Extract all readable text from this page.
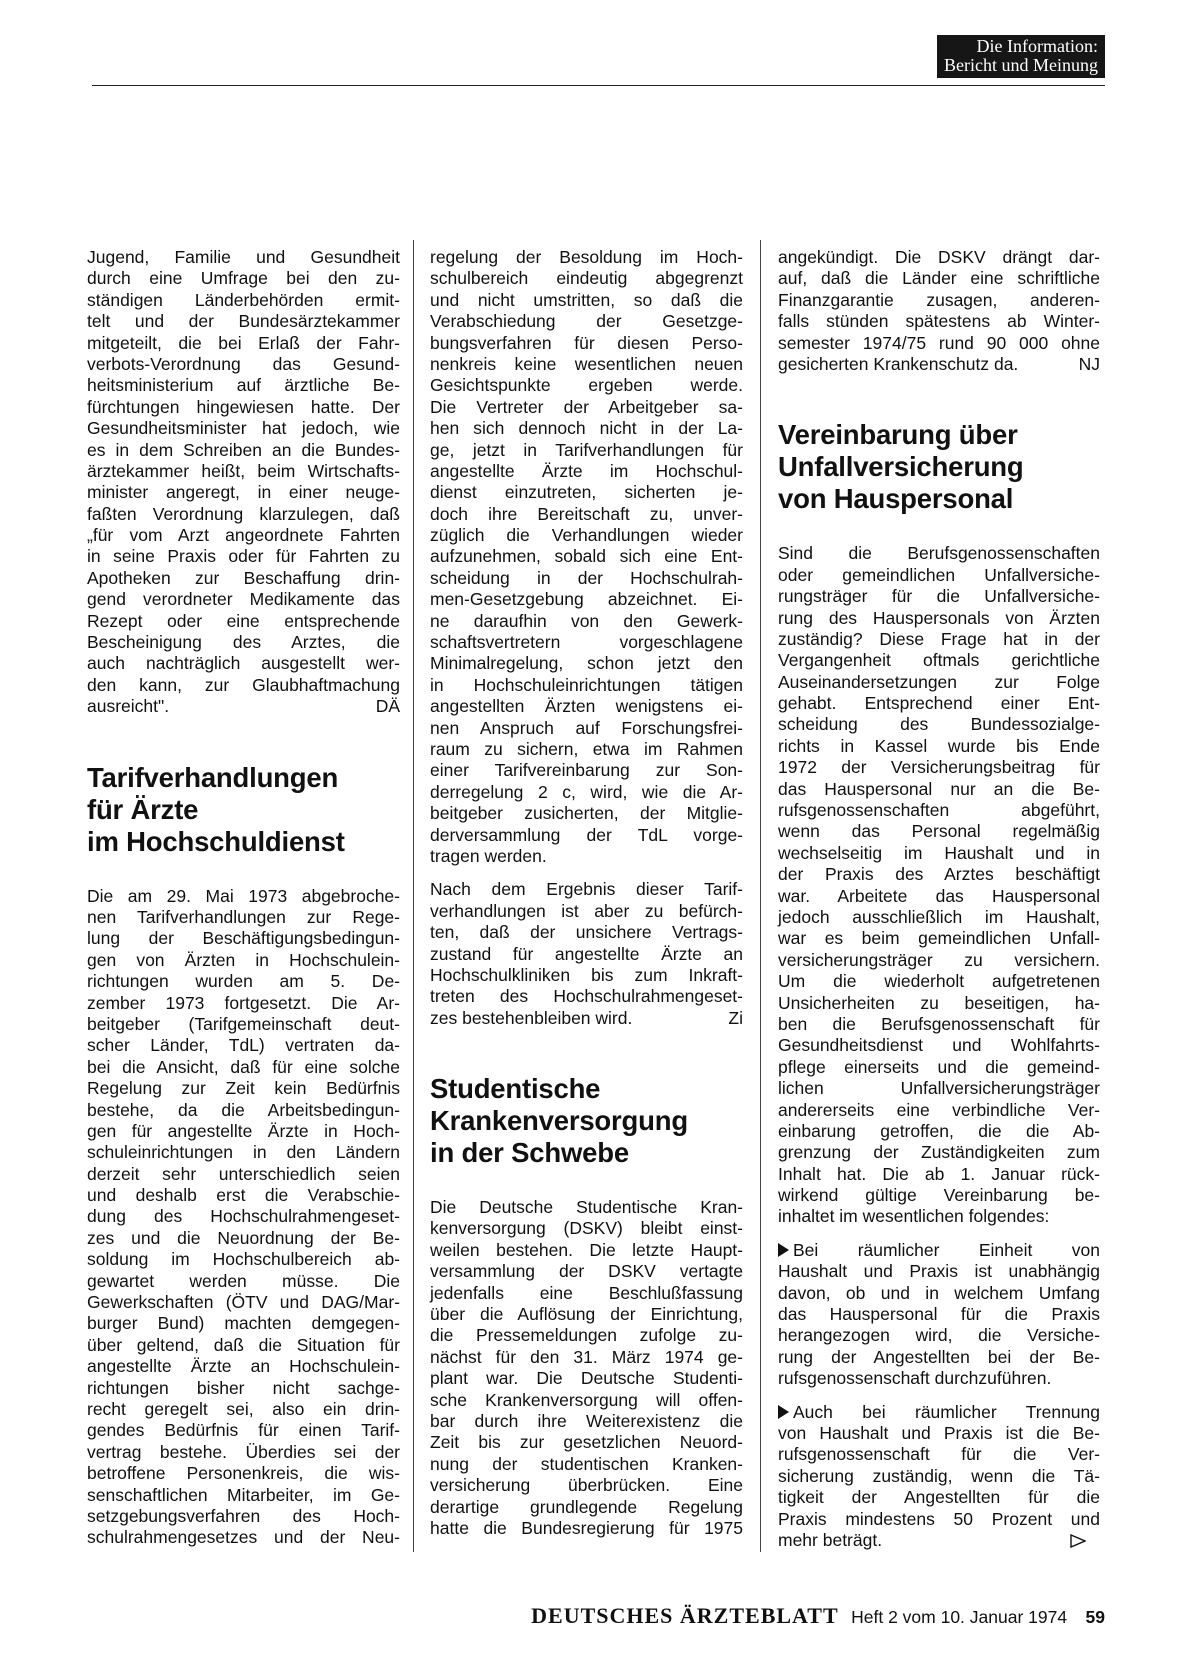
Die Information:
Bericht und Meinung

Jugend, Familie und Gesundheit
durch eine Umfrage bei den zu-
ständigen Länderbehörden ermit-
telt und der Bundesärztekammer
mitgeteilt, die bei Erlaß der Fahr-
verbots-Verordnung das Gesund-
heitsministerium auf ärztliche Be-
fürchtungen hingewiesen hatte. Der
Gesundheitsminister hat jedoch, wie
es in dem Schreiben an die Bundes-
ärztekammer heißt, beim Wirtschafts-
minister angeregt, in einer neuge-
faßten Verordnung klarzulegen, daß
„für vom Arzt angeordnete Fahrten
in seine Praxis oder für Fahrten zu
Apotheken zur Beschaffung drin-
gend verordneter Medikamente das
Rezept oder eine entsprechende
Bescheinigung des Arztes, die
auch nachträglich ausgestellt wer-
den kann, zur Glaubhaftmachung
ausreicht".	DÄ

Tarifverhandlungen
für Ärzte
im Hochschuldienst

Die am 29. Mai 1973 abgebroche-
nen Tarifverhandlungen zur Rege-
lung der Beschäftigungsbedingun-
gen von Ärzten in Hochschulein-
richtungen wurden am 5. De-
zember 1973 fortgesetzt. Die Ar-
beitgeber (Tarifgemeinschaft deut-
scher Länder, TdL) vertraten da-
bei die Ansicht, daß für eine solche
Regelung zur Zeit kein Bedürfnis
bestehe, da die Arbeitsbedingun-
gen für angestellte Ärzte in Hoch-
schuleinrichtungen in den Ländern
derzeit sehr unterschiedlich seien
und deshalb erst die Verabschie-
dung des Hochschulrahmengeset-
zes und die Neuordnung der Be-
soldung im Hochschulbereich ab-
gewartet werden müsse. Die
Gewerkschaften (ÖTV und DAG/Mar-
burger Bund) machten demgegen-
über geltend, daß die Situation für
angestellte Ärzte an Hochschulein-
richtungen bisher nicht sachge-
recht geregelt sei, also ein drin-
gendes Bedürfnis für einen Tarif-
vertrag bestehe. Überdies sei der
betroffene Personenkreis, die wis-
senschaftlichen Mitarbeiter, im Ge-
setzgebungsverfahren des Hoch-
schulrahmengesetzes und der Neu-

regelung der Besoldung im Hoch-
schulbereich eindeutig abgegrenzt
und nicht umstritten, so daß die
Verabschiedung der Gesetzge-
bungsverfahren für diesen Perso-
nenkreis keine wesentlichen neuen
Gesichtspunkte ergeben werde.
Die Vertreter der Arbeitgeber sa-
hen sich dennoch nicht in der La-
ge, jetzt in Tarifverhandlungen für
angestellte Ärzte im Hochschul-
dienst einzutreten, sicherten je-
doch ihre Bereitschaft zu, unver-
züglich die Verhandlungen wieder
aufzunehmen, sobald sich eine Ent-
scheidung in der Hochschulrah-
men-Gesetzgebung abzeichnet. Ei-
ne daraufhin von den Gewerk-
schaftsvertretern vorgeschlagene
Minimalregelung, schon jetzt den
in Hochschuleinrichtungen tätigen
angestellten Ärzten wenigstens ei-
nen Anspruch auf Forschungsfrei-
raum zu sichern, etwa im Rahmen
einer Tarifvereinbarung zur Son-
derregelung 2 c, wird, wie die Ar-
beitgeber zusicherten, der Mitglie-
derversammlung der TdL vorge-
tragen werden.

Nach dem Ergebnis dieser Tarif-
verhandlungen ist aber zu befürch-
ten, daß der unsichere Vertrags-
zustand für angestellte Ärzte an
Hochschulkliniken bis zum Inkraft-
treten des Hochschulrahmengeset-
zes bestehenbleiben wird.	Zi

Studentische
Krankenversorgung
in der Schwebe

Die Deutsche Studentische Kran-
kenversorgung (DSKV) bleibt einst-
weilen bestehen. Die letzte Haupt-
versammlung der DSKV vertagte
jedenfalls eine Beschlußfassung
über die Auflösung der Einrichtung,
die Pressemeldungen zufolge zu-
nächst für den 31. März 1974 ge-
plant war. Die Deutsche Studenti-
sche Krankenversorgung will offen-
bar durch ihre Weiterexistenz die
Zeit bis zur gesetzlichen Neuord-
nung der studentischen Kranken-
versicherung überbrücken. Eine
derartige grundlegende Regelung
hatte die Bundesregierung für 1975

angekündigt. Die DSKV drängt dar-
auf, daß die Länder eine schriftliche
Finanzgarantie zusagen, anderen-
falls stünden spätestens ab Winter-
semester 1974/75 rund 90 000 ohne
gesicherten Krankenschutz da.	NJ

Vereinbarung über
Unfallversicherung
von Hauspersonal

Sind die Berufsgenossenschaften
oder gemeindlichen Unfallversiche-
rungsträger für die Unfallversiche-
rung des Hauspersonals von Ärzten
zuständig? Diese Frage hat in der
Vergangenheit oftmals gerichtliche
Auseinandersetzungen zur Folge
gehabt. Entsprechend einer Ent-
scheidung des Bundessozialge-
richts in Kassel wurde bis Ende
1972 der Versicherungsbeitrag für
das Hauspersonal nur an die Be-
rufsgenossenschaften abgeführt,
wenn das Personal regelmäßig
wechselseitig im Haushalt und in
der Praxis des Arztes beschäftigt
war. Arbeitete das Hauspersonal
jedoch ausschließlich im Haushalt,
war es beim gemeindlichen Unfall-
versicherungsträger zu versichern.
Um die wiederholt aufgetretenen
Unsicherheiten zu beseitigen, ha-
ben die Berufsgenossenschaft für
Gesundheitsdienst und Wohlfahrts-
pflege einerseits und die gemeind-
lichen Unfallversicherungsträger
andererseits eine verbindliche Ver-
einbarung getroffen, die die Ab-
grenzung der Zuständigkeiten zum
Inhalt hat. Die ab 1. Januar rück-
wirkend gültige Vereinbarung be-
inhaltet im wesentlichen folgendes:

Bei räumlicher Einheit von
Haushalt und Praxis ist unabhängig
davon, ob und in welchem Umfang
das Hauspersonal für die Praxis
herangezogen wird, die Versiche-
rung der Angestellten bei der Be-
rufsgenossenschaft durchzuführen.

Auch bei räumlicher Trennung
von Haushalt und Praxis ist die Be-
rufsgenossenschaft für die Ver-
sicherung zuständig, wenn die Tä-
tigkeit der Angestellten für die
Praxis mindestens 50 Prozent und
mehr beträgt.

DEUTSCHES ÄRZTEBLATT Heft 2 vom 10. Januar 1974 59
